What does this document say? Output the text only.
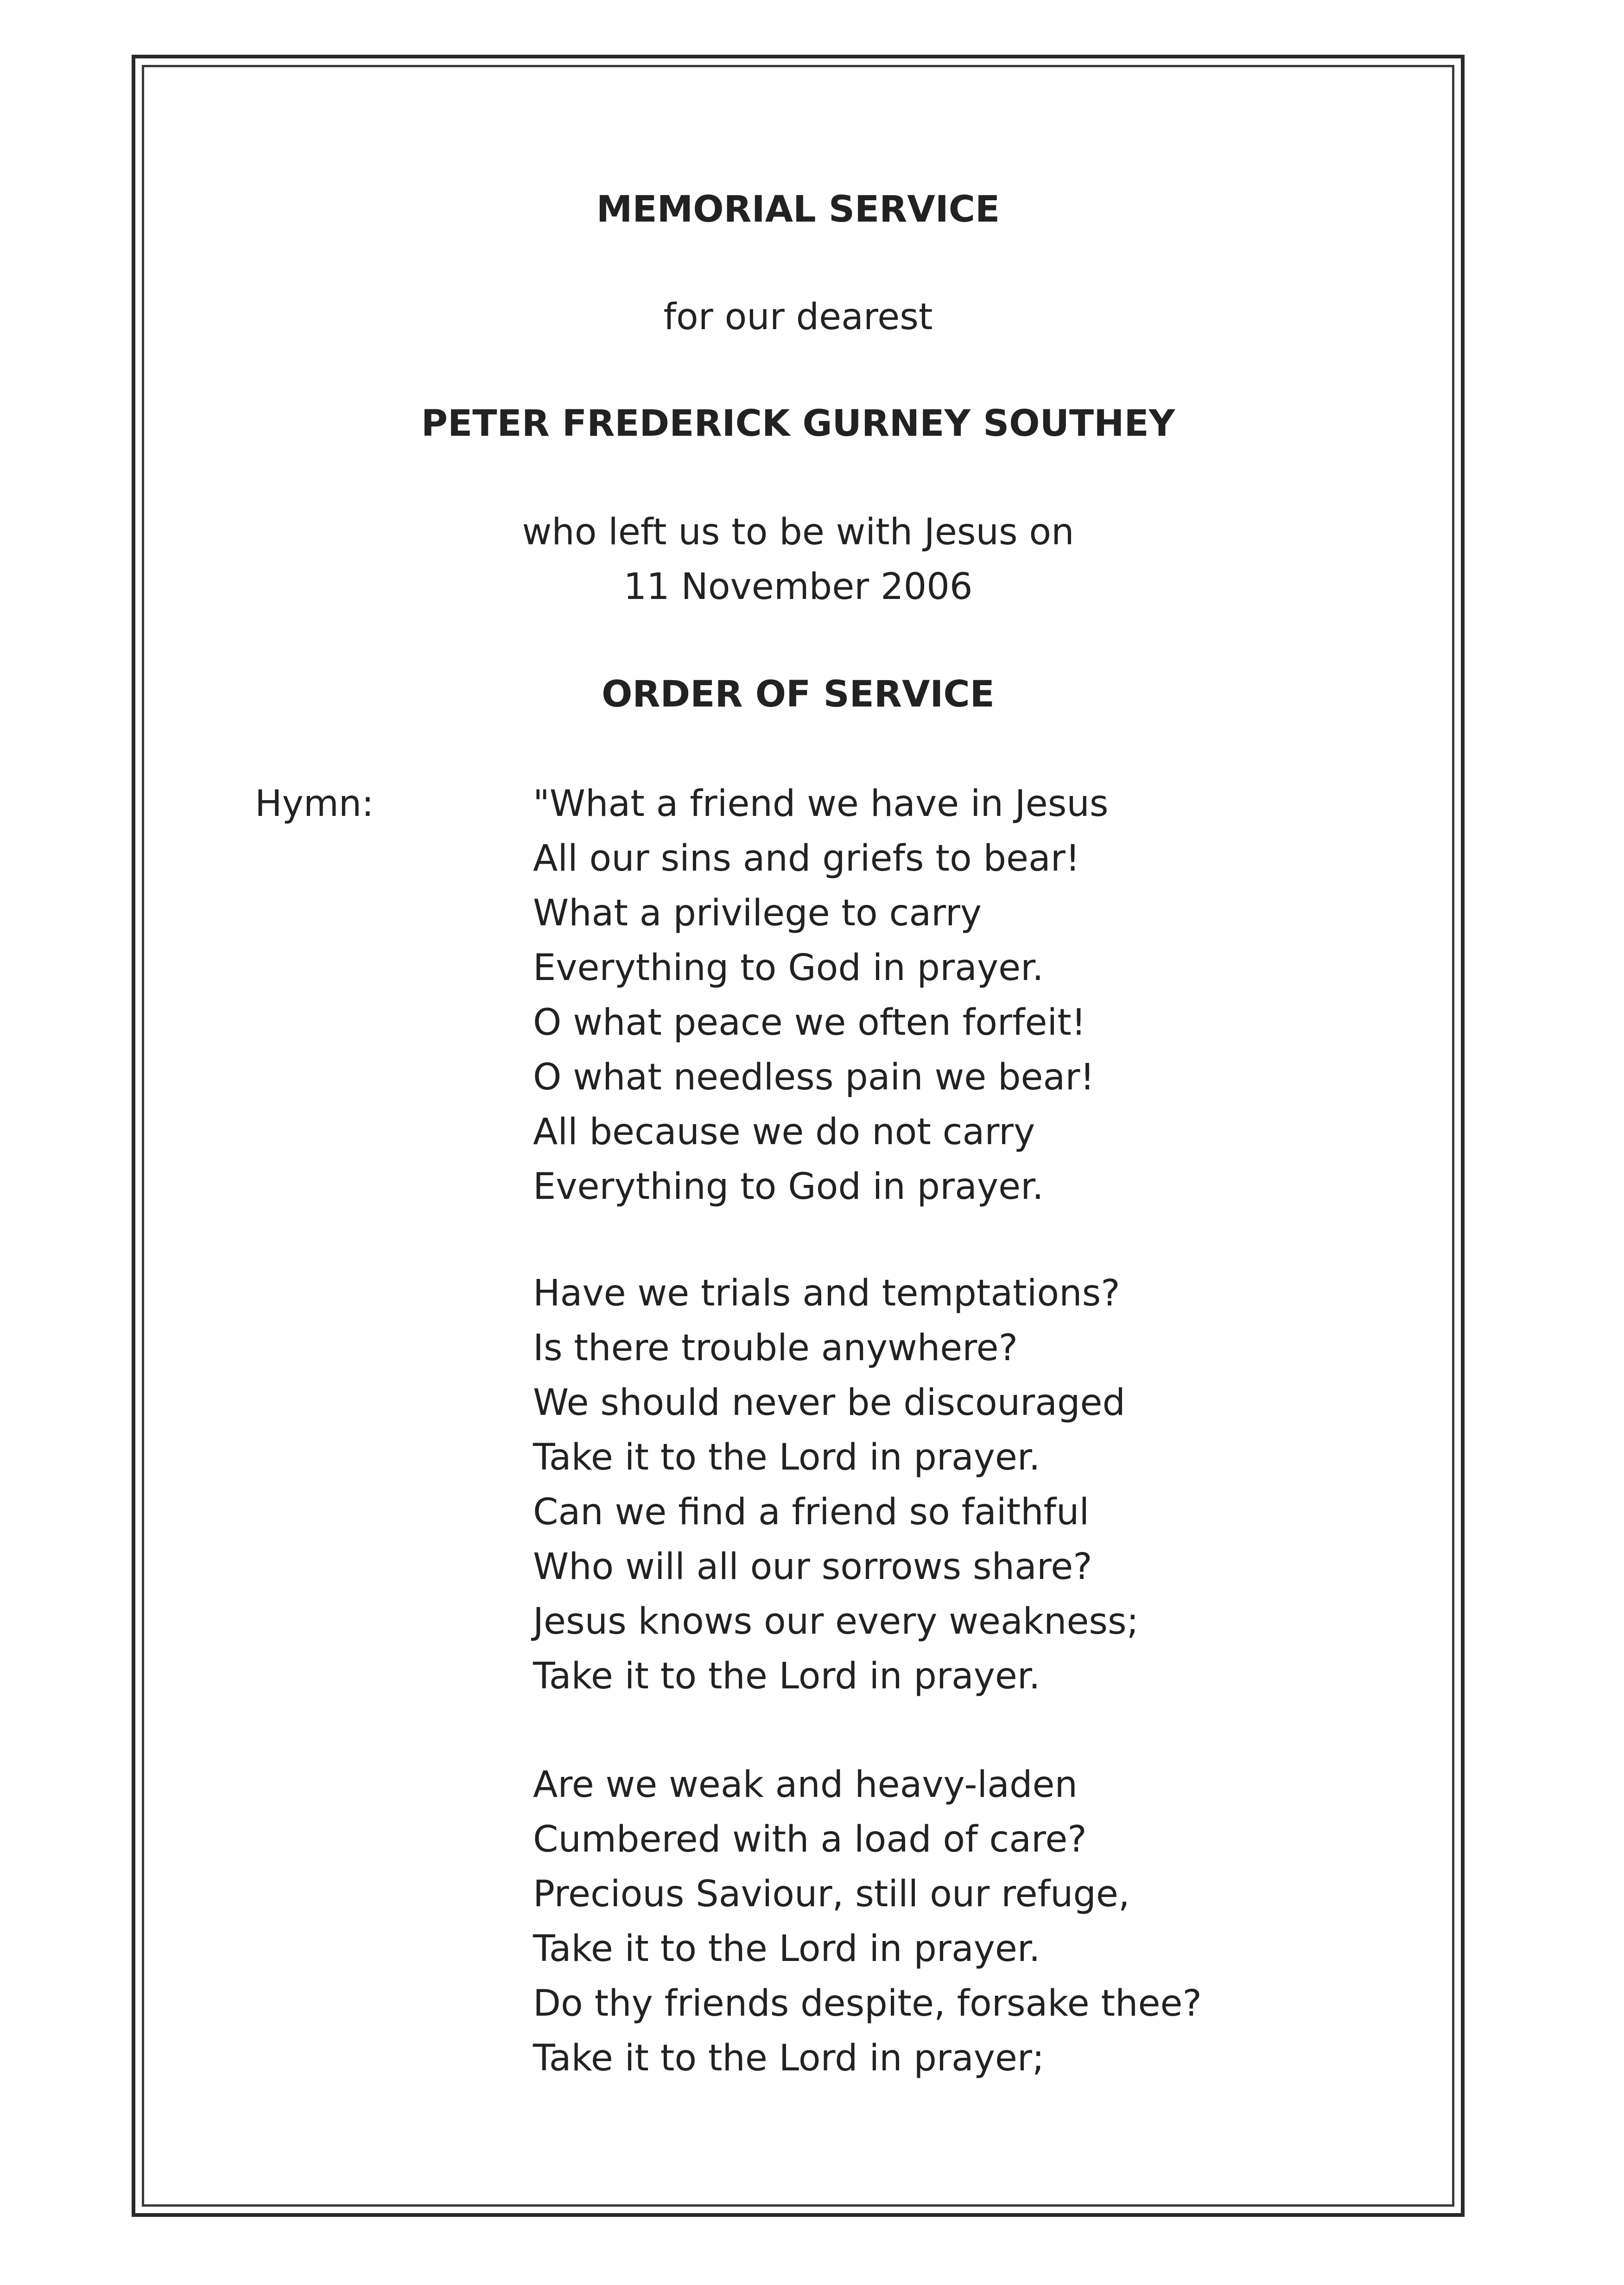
MEMORIAL SERVICE
for our dearest
PETER FREDERICK GURNEY SOUTHEY
who left us to be with Jesus on
11 November 2006
ORDER OF SERVICE
Hymn:	"What a friend we have in Jesus
All our sins and griefs to bear!
What a privilege to carry
Everything to God in prayer.
O what peace we often forfeit!
O what needless pain we bear!
All because we do not carry
Everything to God in prayer.
Have we trials and temptations?
Is there trouble anywhere?
We should never be discouraged
Take it to the Lord in prayer.
Can we find a friend so faithful
Who will all our sorrows share?
Jesus knows our every weakness;
Take it to the Lord in prayer.
Are we weak and heavy-laden
Cumbered with a load of care?
Precious Saviour, still our refuge,
Take it to the Lord in prayer.
Do thy friends despite, forsake thee?
Take it to the Lord in prayer;
